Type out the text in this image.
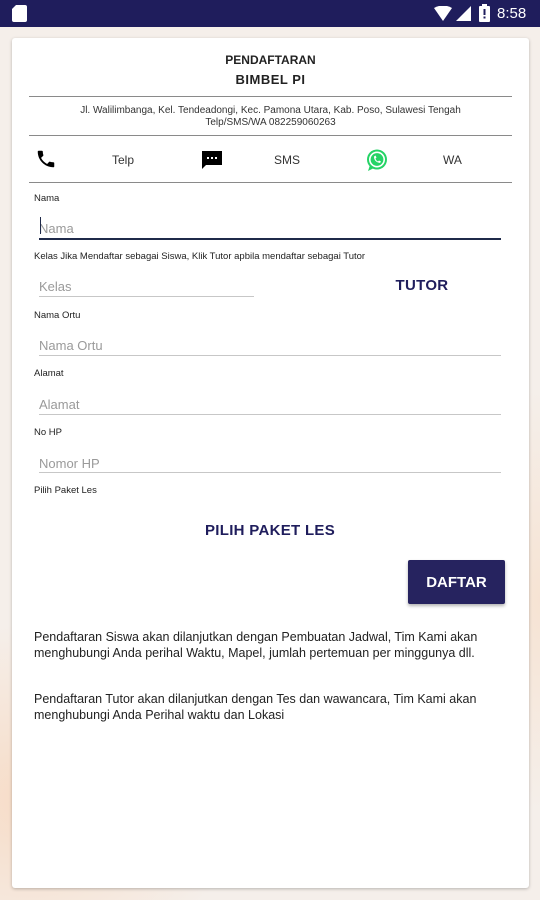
8:58
PENDAFTARAN
BIMBEL PI
Jl. Walilimbanga, Kel. Tendeadongi, Kec. Pamona Utara, Kab. Poso, Sulawesi Tengah
Telp/SMS/WA 082259060263
Telp	SMS	WA
Nama
Nama
Kelas Jika Mendaftar sebagai Siswa, Klik Tutor apbila mendaftar sebagai Tutor
Kelas
TUTOR
Nama Ortu
Nama Ortu
Alamat
Alamat
No HP
Nomor HP
Pilih Paket Les
PILIH PAKET LES
DAFTAR
Pendaftaran Siswa akan dilanjutkan dengan Pembuatan Jadwal, Tim Kami akan menghubungi Anda perihal Waktu, Mapel, jumlah pertemuan per minggunya dll.
Pendaftaran Tutor akan dilanjutkan dengan Tes dan wawancara, Tim Kami akan menghubungi Anda Perihal waktu dan Lokasi
